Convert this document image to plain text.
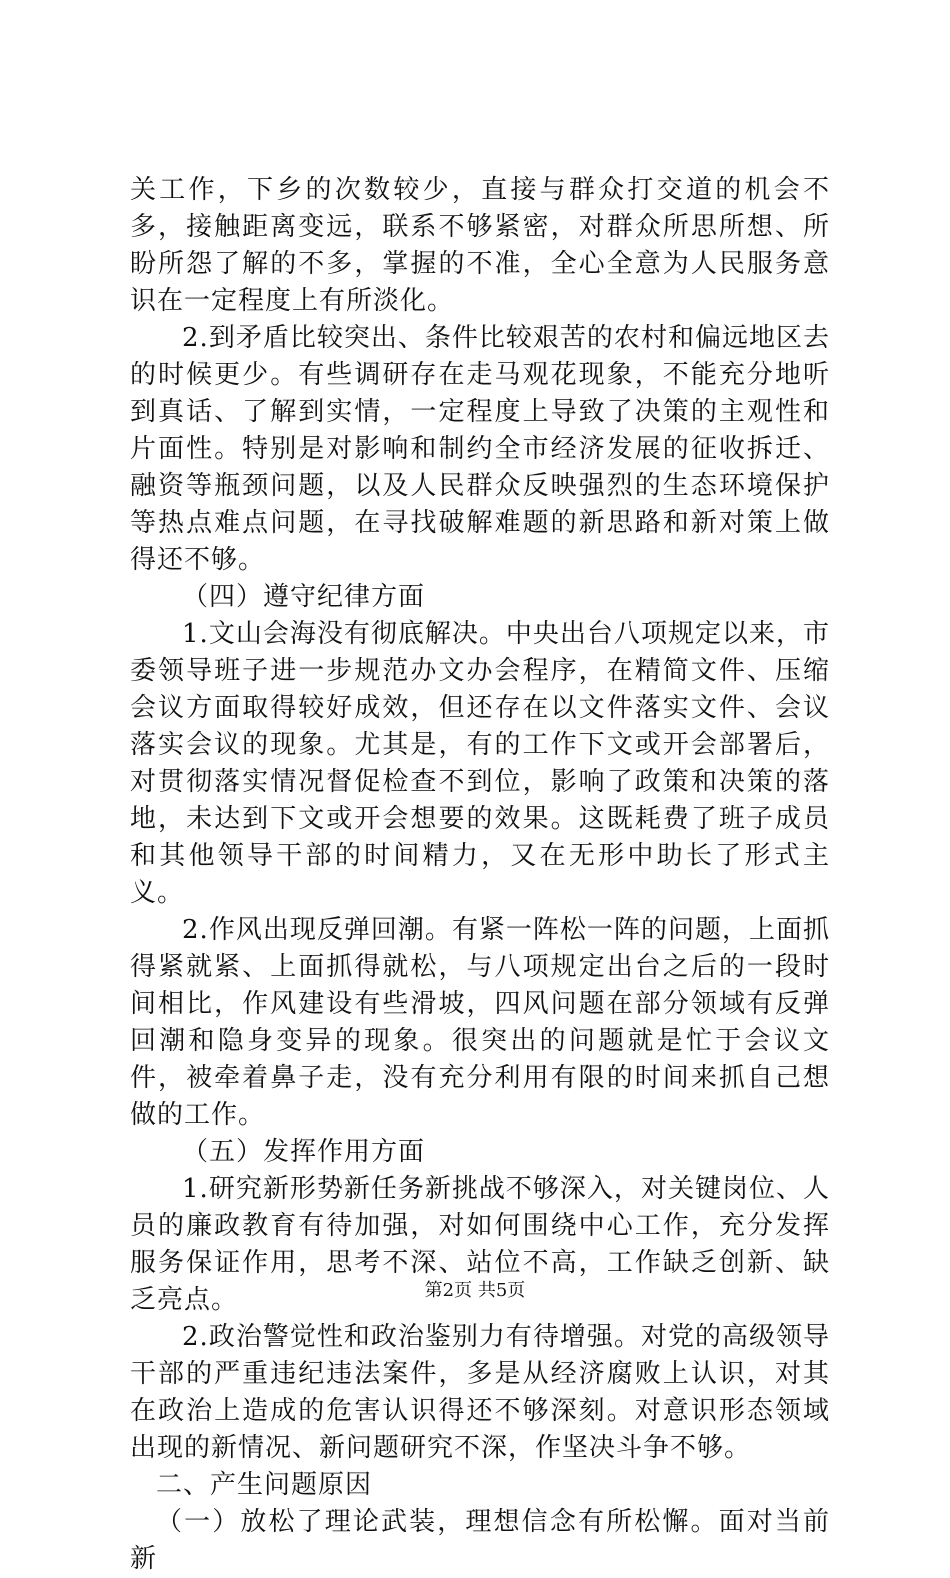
关工作，下乡的次数较少，直接与群众打交道的机会不多，接触距离变远，联系不够紧密，对群众所思所想、所盼所怨了解的不多，掌握的不准，全心全意为人民服务意识在一定程度上有所淡化。

2.到矛盾比较突出、条件比较艰苦的农村和偏远地区去的时候更少。有些调研存在走马观花现象，不能充分地听到真话、了解到实情，一定程度上导致了决策的主观性和片面性。特别是对影响和制约全市经济发展的征收拆迁、融资等瓶颈问题，以及人民群众反映强烈的生态环境保护等热点难点问题，在寻找破解难题的新思路和新对策上做得还不够。

（四）遵守纪律方面

1.文山会海没有彻底解决。中央出台八项规定以来，市委领导班子进一步规范办文办会程序，在精简文件、压缩会议方面取得较好成效，但还存在以文件落实文件、会议落实会议的现象。尤其是，有的工作下文或开会部署后，对贯彻落实情况督促检查不到位，影响了政策和决策的落地，未达到下文或开会想要的效果。这既耗费了班子成员和其他领导干部的时间精力，又在无形中助长了形式主义。

2.作风出现反弹回潮。有紧一阵松一阵的问题，上面抓得紧就紧、上面抓得就松，与八项规定出台之后的一段时间相比，作风建设有些滑坡，四风问题在部分领域有反弹回潮和隐身变异的现象。很突出的问题就是忙于会议文件，被牵着鼻子走，没有充分利用有限的时间来抓自己想做的工作。

（五）发挥作用方面

1.研究新形势新任务新挑战不够深入，对关键岗位、人员的廉政教育有待加强，对如何围绕中心工作，充分发挥服务保证作用，思考不深、站位不高，工作缺乏创新、缺乏亮点。

2.政治警觉性和政治鉴别力有待增强。对党的高级领导干部的严重违纪违法案件，多是从经济腐败上认识，对其在政治上造成的危害认识得还不够深刻。对意识形态领域出现的新情况、新问题研究不深，作坚决斗争不够。

二、产生问题原因

（一）放松了理论武装，理想信念有所松懈。面对当前新

第2页 共5页
